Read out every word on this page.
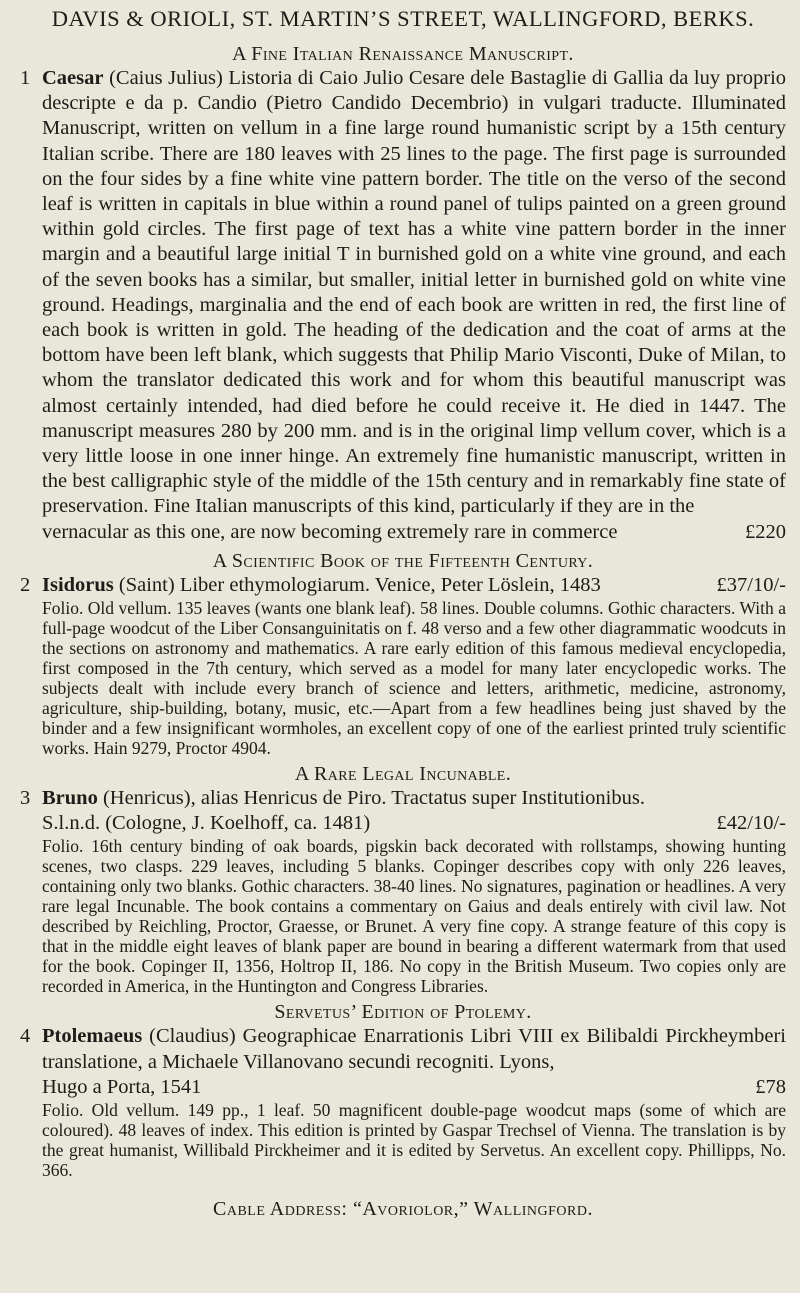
DAVIS & ORIOLI, ST. MARTIN’S STREET, WALLINGFORD, BERKS.
A Fine Italian Renaissance Manuscript.
1 Caesar (Caius Julius) Listoria di Caio Julio Cesare dele Bastaglie di Gallia da luy proprio descripte e da p. Candio (Pietro Candido Decembrio) in vulgari traducte. Illuminated Manuscript, written on vellum in a fine large round humanistic script by a 15th century Italian scribe. There are 180 leaves with 25 lines to the page. The first page is surrounded on the four sides by a fine white vine pattern border. The title on the verso of the second leaf is written in capitals in blue within a round panel of tulips painted on a green ground within gold circles. The first page of text has a white vine pattern border in the inner margin and a beautiful large initial T in burnished gold on a white vine ground, and each of the seven books has a similar, but smaller, initial letter in burnished gold on white vine ground. Headings, marginalia and the end of each book are written in red, the first line of each book is written in gold. The heading of the dedication and the coat of arms at the bottom have been left blank, which suggests that Philip Mario Visconti, Duke of Milan, to whom the translator dedicated this work and for whom this beautiful manuscript was almost certainly intended, had died before he could receive it. He died in 1447. The manuscript measures 280 by 200 mm. and is in the original limp vellum cover, which is a very little loose in one inner hinge. An extremely fine humanistic manuscript, written in the best calligraphic style of the middle of the 15th century and in remarkably fine state of preservation. Fine Italian manuscripts of this kind, particularly if they are in the
vernacular as this one, are now becoming extremely rare in commerce	£220
A Scientific Book of the Fifteenth Century.
2 Isidorus (Saint) Liber ethymologiarum. Venice, Peter Löslein, 1483	£37/10/-
Folio. Old vellum. 135 leaves (wants one blank leaf). 58 lines. Double columns. Gothic characters. With a full-page woodcut of the Liber Consanguinitatis on f. 48 verso and a few other diagrammatic woodcuts in the sections on astronomy and mathematics. A rare early edition of this famous medieval encyclopedia, first composed in the 7th century, which served as a model for many later encyclopedic works. The subjects dealt with include every branch of science and letters, arithmetic, medicine, astronomy, agriculture, ship-building, botany, music, etc.—Apart from a few headlines being just shaved by the binder and a few insignificant wormholes, an excellent copy of one of the earliest printed truly scientific works. Hain 9279, Proctor 4904.
A Rare Legal Incunable.
3 Bruno (Henricus), alias Henricus de Piro. Tractatus super Institutionibus.
S.l.n.d. (Cologne, J. Koelhoff, ca. 1481)	£42/10/-
Folio. 16th century binding of oak boards, pigskin back decorated with rollstamps, showing hunting scenes, two clasps. 229 leaves, including 5 blanks. Copinger describes copy with only 226 leaves, containing only two blanks. Gothic characters. 38-40 lines. No signatures, pagination or headlines. A very rare legal Incunable. The book contains a commentary on Gaius and deals entirely with civil law. Not described by Reichling, Proctor, Graesse, or Brunet. A very fine copy. A strange feature of this copy is that in the middle eight leaves of blank paper are bound in bearing a different watermark from that used for the book. Copinger II, 1356, Holtrop II, 186. No copy in the British Museum. Two copies only are recorded in America, in the Huntington and Congress Libraries.
Servetus’ Edition of Ptolemy.
4 Ptolemaeus (Claudius) Geographicae Enarrationis Libri VIII ex Bilibaldi Pirckheymberi translatione, a Michaele Villanovano secundi recogniti. Lyons,
Hugo a Porta, 1541	£78
Folio. Old vellum. 149 pp., 1 leaf. 50 magnificent double-page woodcut maps (some of which are coloured). 48 leaves of index. This edition is printed by Gaspar Trechsel of Vienna. The translation is by the great humanist, Willibald Pirckheimer and it is edited by Servetus. An excellent copy. Phillipps, No. 366.
Cable Address: “Avoriolor,” Wallingford.
